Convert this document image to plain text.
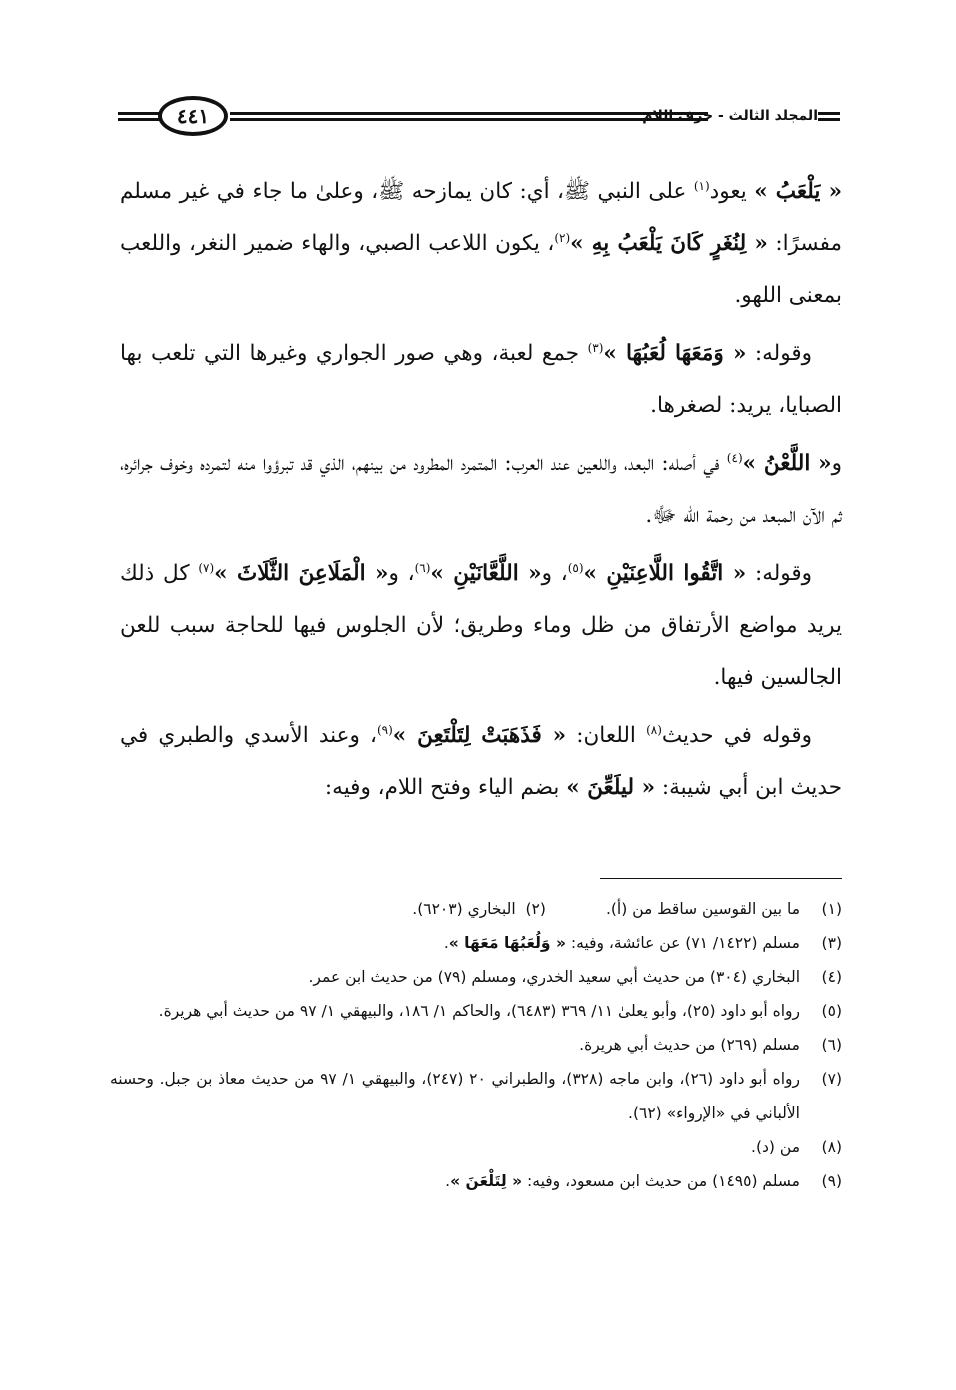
٤٤١	المجلد الثالث - حرف اللام

« يَلْعَبُ » يعود$^{(١)}$ على النبي ﷺ، أي: كان يمازحه ﷺ، وعلىٰ ما جاء في غير مسلم مفسرًا: « لِنُغَرٍ كَانَ يَلْعَبُ بِهِ »$^{(٢)}$، يكون اللاعب الصبي، والهاء ضمير النغر، واللعب بمعنى اللهو.

وقوله: « وَمَعَهَا لُعَبُهَا »$^{(٣)}$ جمع لعبة، وهي صور الجواري وغيرها التي تلعب بها الصبايا، يريد: لصغرها.

و« اللَّعْنُ »$^{(٤)}$ في أصله: البعد، واللعين عند العرب: المتمرد المطرود من بينهم، الذي قد تبرؤوا منه لتمرده وخوف جرائره، ثم الآن المبعد من رحمة الله ﷻ.

وقوله: « اتَّقُوا اللَّاعِنَيْنِ »$^{(٥)}$، و« اللَّعَّانَيْنِ »$^{(٦)}$، و« الْمَلَاعِنَ الثَّلَاثَ »$^{(٧)}$ كل ذلك يريد مواضع الأرتفاق من ظل وماء وطريق؛ لأن الجلوس فيها للحاجة سبب للعن الجالسين فيها.

وقوله في حديث$^{(٨)}$ اللعان: « فَذَهَبَتْ لِتَلْتَعِنَ »$^{(٩)}$، وعند الأسدي والطبري في حديث ابن أبي شيبة: « ليلَعِّنَ » بضم الياء وفتح اللام، وفيه:

(١)
ما بين القوسين ساقط من (أ).(٢)  البخاري (٦٢٠٣).
(٣)
مسلم (١٤٢٢/ ٧١) عن عائشة، وفيه: « وَلُعَبُهَا مَعَهَا ».
(٤)
البخاري (٣٠٤) من حديث أبي سعيد الخدري، ومسلم (٧٩) من حديث ابن عمر.
(٥)
رواه أبو داود (٢٥)، وأبو يعلىٰ ١١/ ٣٦٩ (٦٤٨٣)، والحاكم ١/ ١٨٦، والبيهقي ١/ ٩٧ من حديث أبي هريرة.
(٦)
مسلم (٢٦٩) من حديث أبي هريرة.
(٧)
رواه أبو داود (٢٦)، وابن ماجه (٣٢٨)، والطبراني ٢٠ (٢٤٧)، والبيهقي ١/ ٩٧ من حديث معاذ بن جبل. وحسنه الألباني في «الإرواء» (٦٢).
(٨)
من (د).
(٩)
مسلم (١٤٩٥) من حديث ابن مسعود، وفيه: « لِتَلْعَنَ ».
